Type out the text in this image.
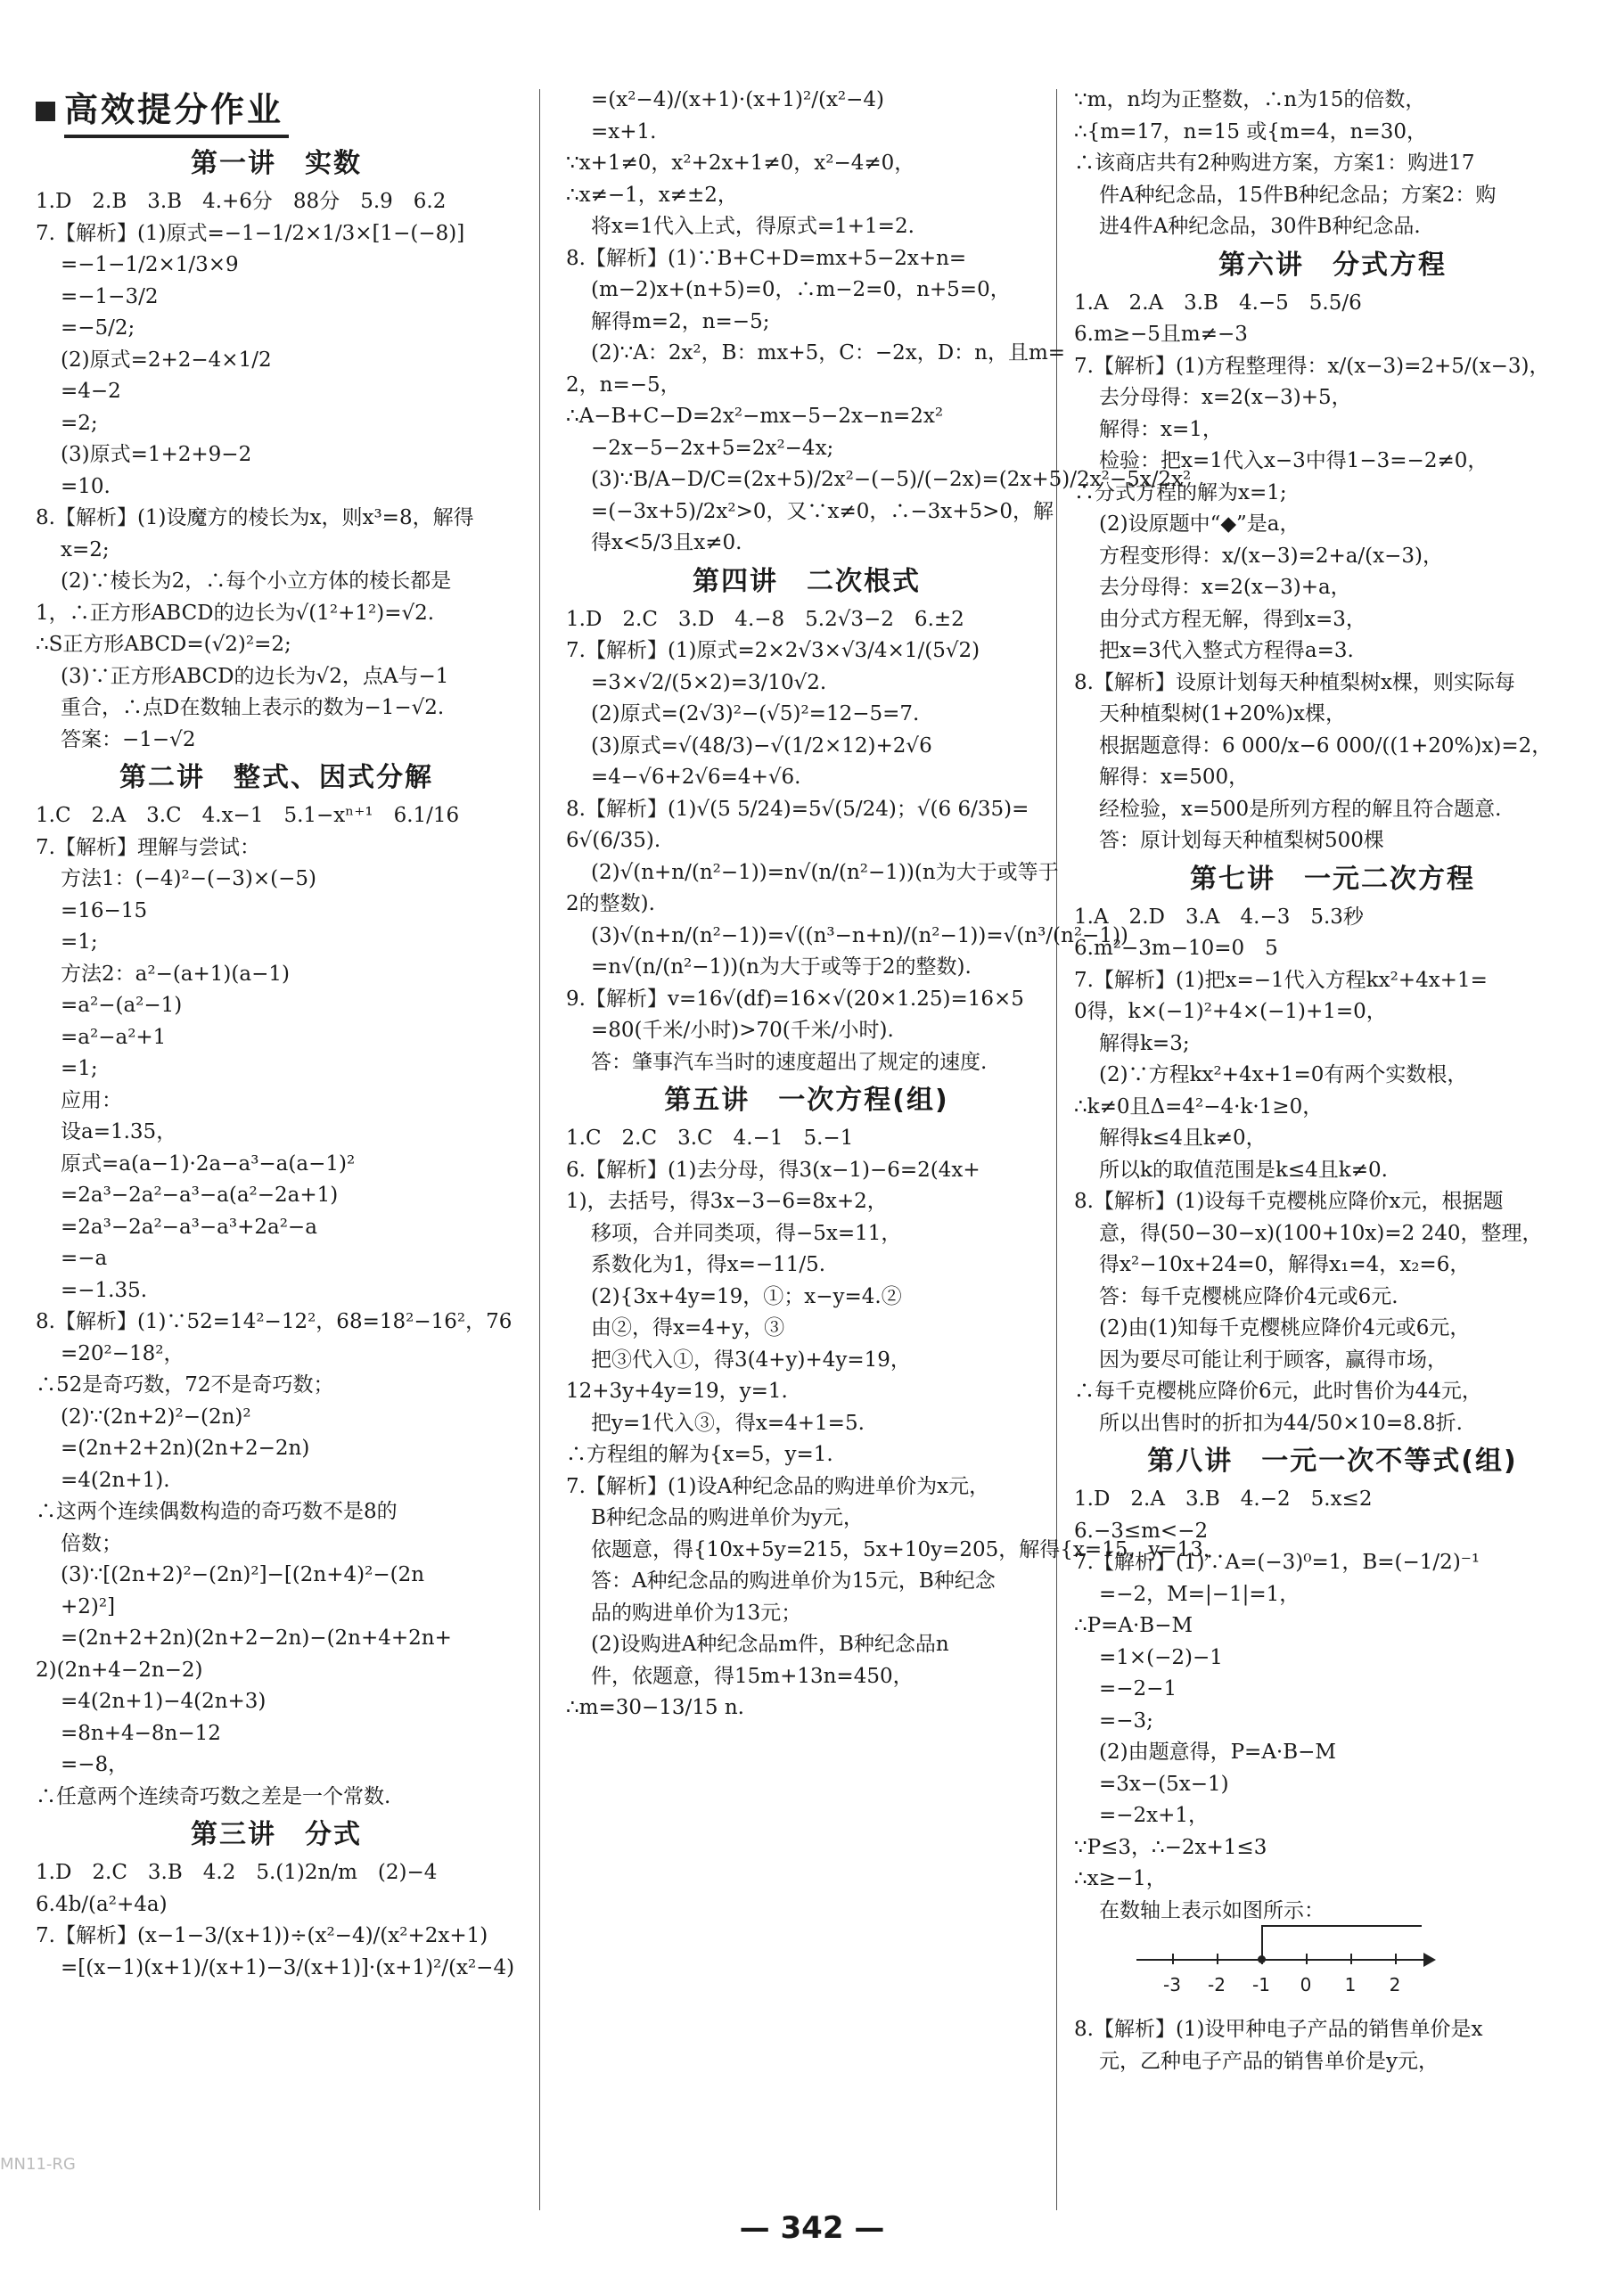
MN11-RG
高效提分作业
第一讲　实数
1.D　2.B　3.B　4.+6分　88分　5.9　6.2
7.【解析】(1)原式=−1−1/2×1/3×[1−(−8)]
=−1−1/2×1/3×9
=−1−3/2
=−5/2;
(2)原式=2+2−4×1/2
=4−2
=2;
(3)原式=1+2+9−2
=10.
8.【解析】(1)设魔方的棱长为x，则x³=8，解得
x=2;
(2)∵棱长为2，∴每个小立方体的棱长都是
1，∴正方形ABCD的边长为√(1²+1²)=√2.
∴S正方形ABCD=(√2)²=2;
(3)∵正方形ABCD的边长为√2，点A与−1
重合，∴点D在数轴上表示的数为−1−√2.
答案：−1−√2
第二讲　整式、因式分解
1.C　2.A　3.C　4.x−1　5.1−xⁿ⁺¹　6.1/16
7.【解析】理解与尝试：
方法1：(−4)²−(−3)×(−5)
=16−15
=1;
方法2：a²−(a+1)(a−1)
=a²−(a²−1)
=a²−a²+1
=1;
应用：
设a=1.35，
原式=a(a−1)·2a−a³−a(a−1)²
=2a³−2a²−a³−a(a²−2a+1)
=2a³−2a²−a³−a³+2a²−a
=−a
=−1.35.
8.【解析】(1)∵52=14²−12²，68=18²−16²，76
=20²−18²，
∴52是奇巧数，72不是奇巧数；
(2)∵(2n+2)²−(2n)²
=(2n+2+2n)(2n+2−2n)
=4(2n+1).
∴这两个连续偶数构造的奇巧数不是8的
倍数；
(3)∵[(2n+2)²−(2n)²]−[(2n+4)²−(2n
+2)²]
=(2n+2+2n)(2n+2−2n)−(2n+4+2n+
2)(2n+4−2n−2)
=4(2n+1)−4(2n+3)
=8n+4−8n−12
=−8，
∴任意两个连续奇巧数之差是一个常数.
第三讲　分式
1.D　2.C　3.B　4.2　5.(1)2n/m　(2)−4
6.4b/(a²+4a)
7.【解析】(x−1−3/(x+1))÷(x²−4)/(x²+2x+1)
=[(x−1)(x+1)/(x+1)−3/(x+1)]·(x+1)²/(x²−4)
=(x²−4)/(x+1)·(x+1)²/(x²−4)
=x+1.
∵x+1≠0，x²+2x+1≠0，x²−4≠0，
∴x≠−1，x≠±2，
将x=1代入上式，得原式=1+1=2.
8.【解析】(1)∵B+C+D=mx+5−2x+n=
(m−2)x+(n+5)=0，∴m−2=0，n+5=0，
解得m=2，n=−5;
(2)∵A：2x²，B：mx+5，C：−2x，D：n，且m=
2，n=−5，
∴A−B+C−D=2x²−mx−5−2x−n=2x²
−2x−5−2x+5=2x²−4x;
(3)∵B/A−D/C=(2x+5)/2x²−(−5)/(−2x)=(2x+5)/2x²−5x/2x²
=(−3x+5)/2x²>0，又∵x≠0，∴−3x+5>0，解
得x<5/3且x≠0.
第四讲　二次根式
1.D　2.C　3.D　4.−8　5.2√3−2　6.±2
7.【解析】(1)原式=2×2√3×√3/4×1/(5√2)
=3×√2/(5×2)=3/10√2.
(2)原式=(2√3)²−(√5)²=12−5=7.
(3)原式=√(48/3)−√(1/2×12)+2√6
=4−√6+2√6=4+√6.
8.【解析】(1)√(5 5/24)=5√(5/24)；√(6 6/35)=
6√(6/35).
(2)√(n+n/(n²−1))=n√(n/(n²−1))(n为大于或等于
2的整数).
(3)√(n+n/(n²−1))=√((n³−n+n)/(n²−1))=√(n³/(n²−1))
=n√(n/(n²−1))(n为大于或等于2的整数).
9.【解析】v=16√(df)=16×√(20×1.25)=16×5
=80(千米/小时)>70(千米/小时).
答：肇事汽车当时的速度超出了规定的速度.
第五讲　一次方程(组)
1.C　2.C　3.C　4.−1　5.−1
6.【解析】(1)去分母，得3(x−1)−6=2(4x+
1)，去括号，得3x−3−6=8x+2，
移项，合并同类项，得−5x=11，
系数化为1，得x=−11/5.
(2){3x+4y=19，①；x−y=4.②
由②，得x=4+y，③
把③代入①，得3(4+y)+4y=19，
12+3y+4y=19，y=1.
把y=1代入③，得x=4+1=5.
∴方程组的解为{x=5，y=1.
7.【解析】(1)设A种纪念品的购进单价为x元，
B种纪念品的购进单价为y元，
依题意，得{10x+5y=215，5x+10y=205，解得{x=15，y=13，
答：A种纪念品的购进单价为15元，B种纪念
品的购进单价为13元；
(2)设购进A种纪念品m件，B种纪念品n
件，依题意，得15m+13n=450，
∴m=30−13/15 n.
∵m，n均为正整数，∴n为15的倍数，
∴{m=17，n=15 或{m=4，n=30，
∴该商店共有2种购进方案，方案1：购进17
件A种纪念品，15件B种纪念品；方案2：购
进4件A种纪念品，30件B种纪念品.
第六讲　分式方程
1.A　2.A　3.B　4.−5　5.5/6
6.m≥−5且m≠−3
7.【解析】(1)方程整理得：x/(x−3)=2+5/(x−3)，
去分母得：x=2(x−3)+5，
解得：x=1，
检验：把x=1代入x−3中得1−3=−2≠0，
∴分式方程的解为x=1;
(2)设原题中“◆”是a，
方程变形得：x/(x−3)=2+a/(x−3)，
去分母得：x=2(x−3)+a，
由分式方程无解，得到x=3，
把x=3代入整式方程得a=3.
8.【解析】设原计划每天种植梨树x棵，则实际每
天种植梨树(1+20%)x棵，
根据题意得：6 000/x−6 000/((1+20%)x)=2，
解得：x=500，
经检验，x=500是所列方程的解且符合题意.
答：原计划每天种植梨树500棵
第七讲　一元二次方程
1.A　2.D　3.A　4.−3　5.3秒
6.m²−3m−10=0　5
7.【解析】(1)把x=−1代入方程kx²+4x+1=
0得，k×(−1)²+4×(−1)+1=0，
解得k=3;
(2)∵方程kx²+4x+1=0有两个实数根，
∴k≠0且Δ=4²−4·k·1≥0，
解得k≤4且k≠0，
所以k的取值范围是k≤4且k≠0.
8.【解析】(1)设每千克樱桃应降价x元，根据题
意，得(50−30−x)(100+10x)=2 240，整理，
得x²−10x+24=0，解得x₁=4，x₂=6，
答：每千克樱桃应降价4元或6元.
(2)由(1)知每千克樱桃应降价4元或6元，
因为要尽可能让利于顾客，赢得市场，
∴每千克樱桃应降价6元，此时售价为44元，
所以出售时的折扣为44/50×10=8.8折.
第八讲　一元一次不等式(组)
1.D　2.A　3.B　4.−2　5.x≤2
6.−3≤m<−2
7.【解析】(1)∵A=(−3)⁰=1，B=(−1/2)⁻¹
=−2，M=|−1|=1，
∴P=A·B−M
=1×(−2)−1
=−2−1
=−3;
(2)由题意得，P=A·B−M
=3x−(5x−1)
=−2x+1，
∵P≤3，∴−2x+1≤3
∴x≥−1，
在数轴上表示如图所示：
-3 -2 -1 0 1 2
8.【解析】(1)设甲种电子产品的销售单价是x
元，乙种电子产品的销售单价是y元，
— 342 —
